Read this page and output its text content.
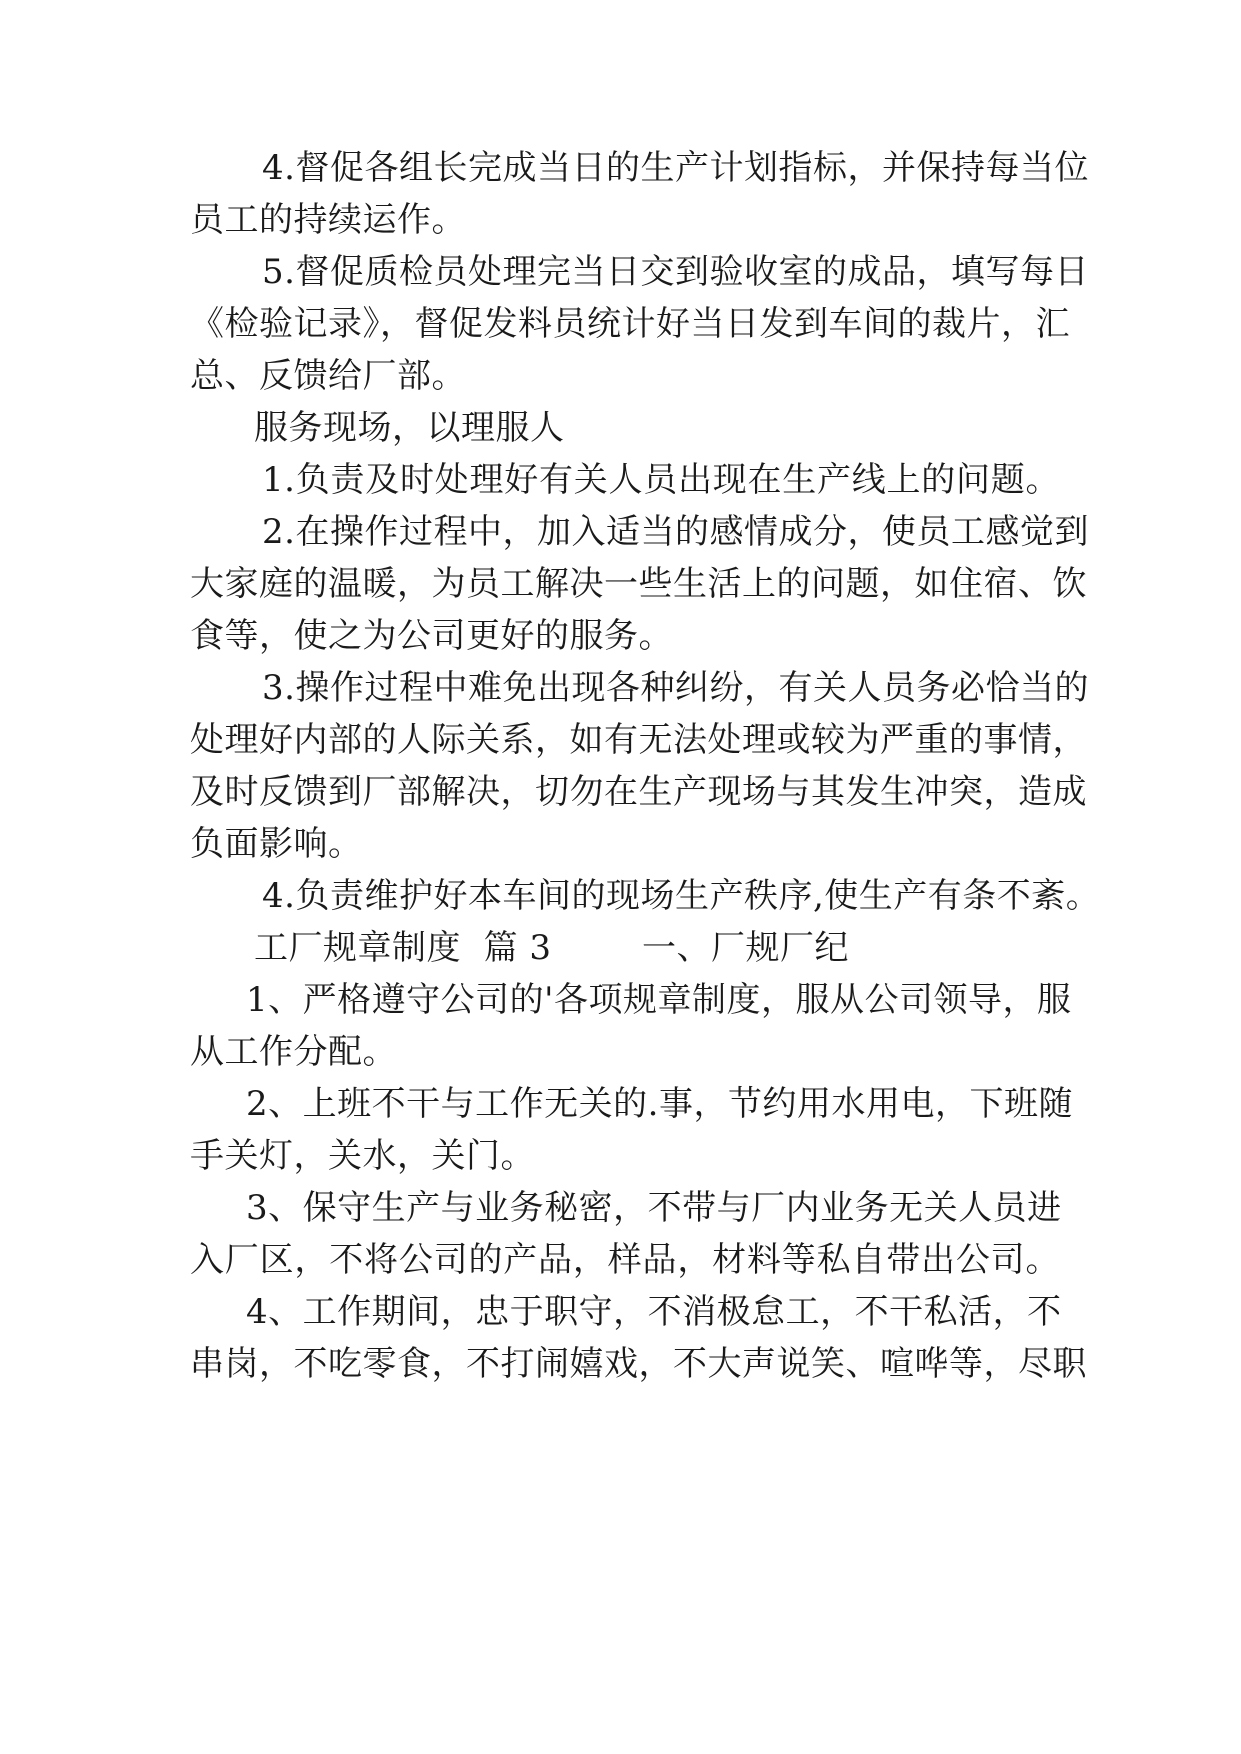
4.督促各组长完成当日的生产计划指标，并保持每当位

员工的持续运作。

5.督促质检员处理完当日交到验收室的成品，填写每日

《检验记录》，督促发料员统计好当日发到车间的裁片，汇

总、反馈给厂部。

服务现场，以理服人

1.负责及时处理好有关人员出现在生产线上的问题。

2.在操作过程中，加入适当的感情成分，使员工感觉到

大家庭的温暖，为员工解决一些生活上的问题，如住宿、饮

食等，使之为公司更好的服务。

3.操作过程中难免出现各种纠纷，有关人员务必恰当的

处理好内部的人际关系，如有无法处理或较为严重的事情，

及时反馈到厂部解决，切勿在生产现场与其发生冲突，造成

负面影响。

4.负责维护好本车间的现场生产秩序,使生产有条不紊。

工厂规章制度  篇 3        一、厂规厂纪

1、严格遵守公司的'各项规章制度，服从公司领导，服

从工作分配。

2、上班不干与工作无关的.事，节约用水用电，下班随

手关灯，关水，关门。

3、保守生产与业务秘密，不带与厂内业务无关人员进

入厂区，不将公司的产品，样品，材料等私自带出公司。

4、工作期间，忠于职守，不消极怠工，不干私活，不

串岗，不吃零食，不打闹嬉戏，不大声说笑、喧哗等，尽职
